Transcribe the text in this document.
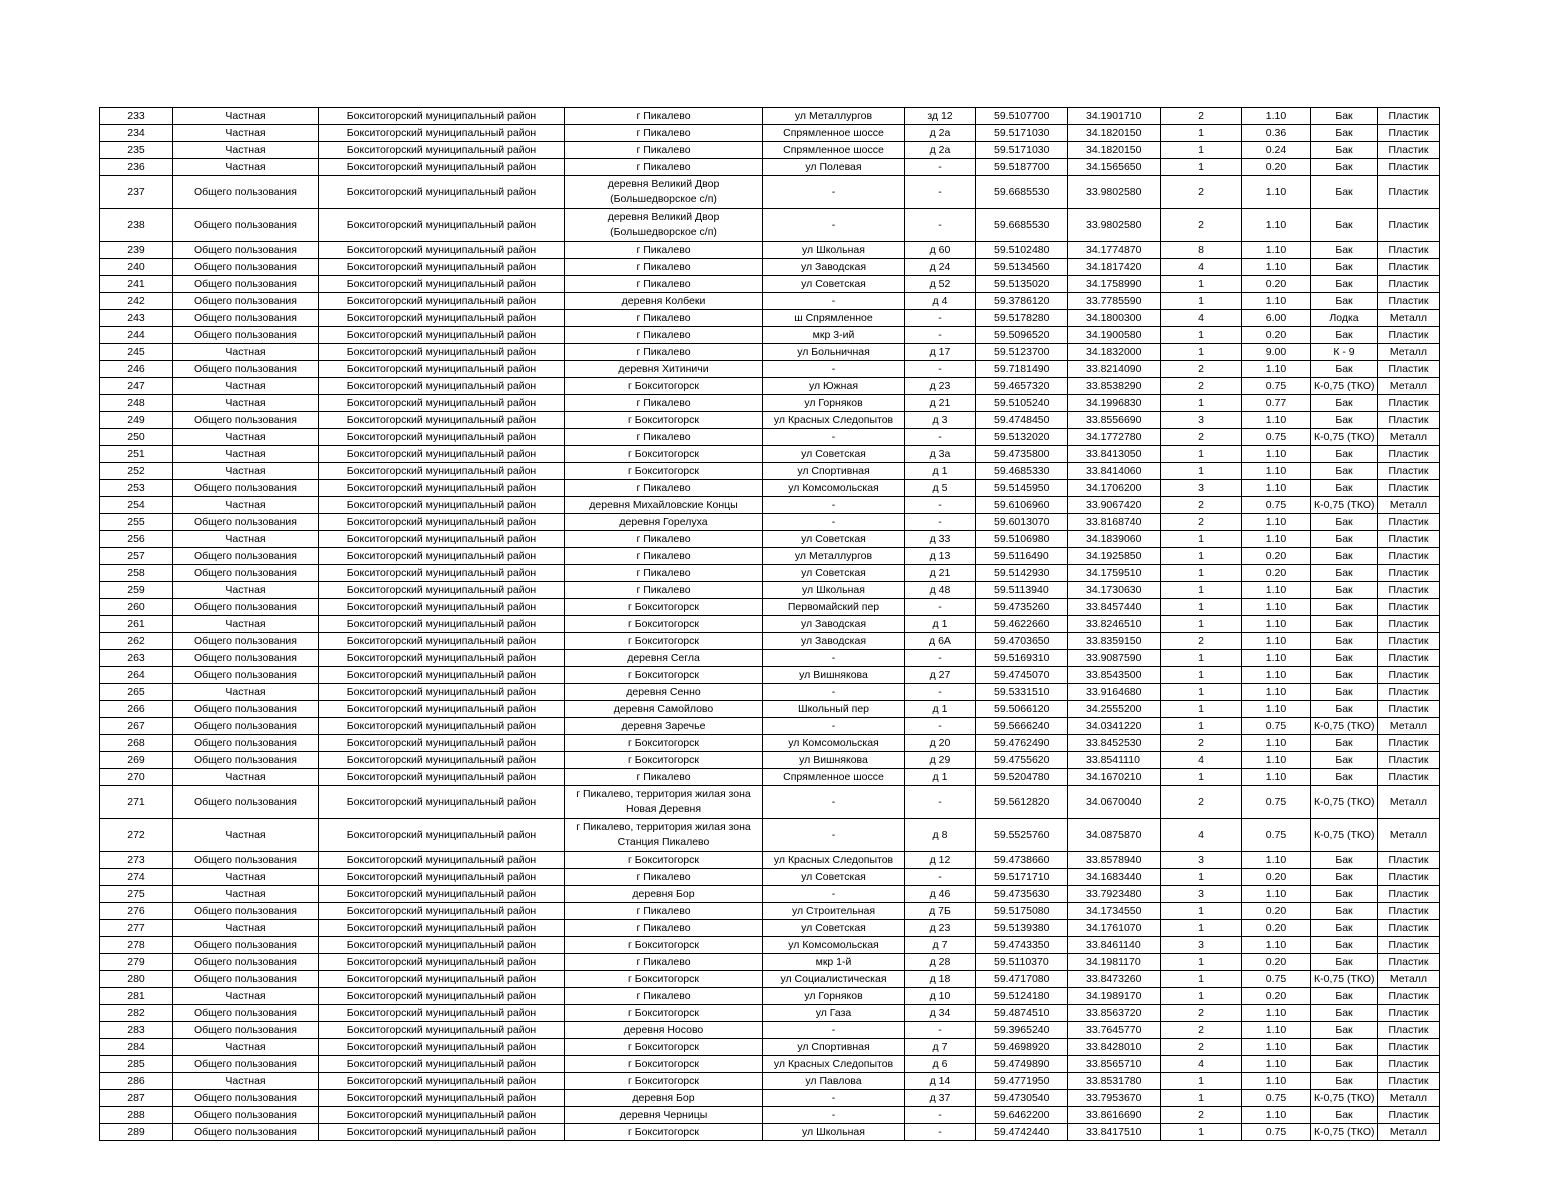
233	Частная	Бокситогорский муниципальный район	г Пикалево	ул Металлургов	зд 12	59.5107700	34.1901710	2	1.10	Бак	Пластик
234	Частная	Бокситогорский муниципальный район	г Пикалево	Спрямленное шоссе	д 2а	59.5171030	34.1820150	1	0.36	Бак	Пластик
235	Частная	Бокситогорский муниципальный район	г Пикалево	Спрямленное шоссе	д 2а	59.5171030	34.1820150	1	0.24	Бак	Пластик
236	Частная	Бокситогорский муниципальный район	г Пикалево	ул Полевая	-	59.5187700	34.1565650	1	0.20	Бак	Пластик
237	Общего пользования	Бокситогорский муниципальный район	деревня Великий Двор (Большедворское с/п)	-	-	59.6685530	33.9802580	2	1.10	Бак	Пластик
238	Общего пользования	Бокситогорский муниципальный район	деревня Великий Двор (Большедворское с/п)	-	-	59.6685530	33.9802580	2	1.10	Бак	Пластик
239	Общего пользования	Бокситогорский муниципальный район	г Пикалево	ул Школьная	д 60	59.5102480	34.1774870	8	1.10	Бак	Пластик
240	Общего пользования	Бокситогорский муниципальный район	г Пикалево	ул Заводская	д 24	59.5134560	34.1817420	4	1.10	Бак	Пластик
241	Общего пользования	Бокситогорский муниципальный район	г Пикалево	ул Советская	д 52	59.5135020	34.1758990	1	0.20	Бак	Пластик
242	Общего пользования	Бокситогорский муниципальный район	деревня Колбеки	-	д 4	59.3786120	33.7785590	1	1.10	Бак	Пластик
243	Общего пользования	Бокситогорский муниципальный район	г Пикалево	ш Спрямленное	-	59.5178280	34.1800300	4	6.00	Лодка	Металл
244	Общего пользования	Бокситогорский муниципальный район	г Пикалево	мкр 3-ий	-	59.5096520	34.1900580	1	0.20	Бак	Пластик
245	Частная	Бокситогорский муниципальный район	г Пикалево	ул Больничная	д 17	59.5123700	34.1832000	1	9.00	К - 9	Металл
246	Общего пользования	Бокситогорский муниципальный район	деревня Хитиничи	-	-	59.7181490	33.8214090	2	1.10	Бак	Пластик
247	Частная	Бокситогорский муниципальный район	г Бокситогорск	ул Южная	д 23	59.4657320	33.8538290	2	0.75	К-0,75 (ТКО)	Металл
248	Частная	Бокситогорский муниципальный район	г Пикалево	ул Горняков	д 21	59.5105240	34.1996830	1	0.77	Бак	Пластик
249	Общего пользования	Бокситогорский муниципальный район	г Бокситогорск	ул Красных Следопытов	д 3	59.4748450	33.8556690	3	1.10	Бак	Пластик
250	Частная	Бокситогорский муниципальный район	г Пикалево	-	-	59.5132020	34.1772780	2	0.75	К-0,75 (ТКО)	Металл
251	Частная	Бокситогорский муниципальный район	г Бокситогорск	ул Советская	д 3а	59.4735800	33.8413050	1	1.10	Бак	Пластик
252	Частная	Бокситогорский муниципальный район	г Бокситогорск	ул Спортивная	д 1	59.4685330	33.8414060	1	1.10	Бак	Пластик
253	Общего пользования	Бокситогорский муниципальный район	г Пикалево	ул Комсомольская	д 5	59.5145950	34.1706200	3	1.10	Бак	Пластик
254	Частная	Бокситогорский муниципальный район	деревня Михайловские Концы	-	-	59.6106960	33.9067420	2	0.75	К-0,75 (ТКО)	Металл
255	Общего пользования	Бокситогорский муниципальный район	деревня Горелуха	-	-	59.6013070	33.8168740	2	1.10	Бак	Пластик
256	Частная	Бокситогорский муниципальный район	г Пикалево	ул Советская	д 33	59.5106980	34.1839060	1	1.10	Бак	Пластик
257	Общего пользования	Бокситогорский муниципальный район	г Пикалево	ул Металлургов	д 13	59.5116490	34.1925850	1	0.20	Бак	Пластик
258	Общего пользования	Бокситогорский муниципальный район	г Пикалево	ул Советская	д 21	59.5142930	34.1759510	1	0.20	Бак	Пластик
259	Частная	Бокситогорский муниципальный район	г Пикалево	ул Школьная	д 48	59.5113940	34.1730630	1	1.10	Бак	Пластик
260	Общего пользования	Бокситогорский муниципальный район	г Бокситогорск	Первомайский пер	-	59.4735260	33.8457440	1	1.10	Бак	Пластик
261	Частная	Бокситогорский муниципальный район	г Бокситогорск	ул Заводская	д 1	59.4622660	33.8246510	1	1.10	Бак	Пластик
262	Общего пользования	Бокситогорский муниципальный район	г Бокситогорск	ул Заводская	д 6А	59.4703650	33.8359150	2	1.10	Бак	Пластик
263	Общего пользования	Бокситогорский муниципальный район	деревня Сегла	-	-	59.5169310	33.9087590	1	1.10	Бак	Пластик
264	Общего пользования	Бокситогорский муниципальный район	г Бокситогорск	ул Вишнякова	д 27	59.4745070	33.8543500	1	1.10	Бак	Пластик
265	Частная	Бокситогорский муниципальный район	деревня Сенно	-	-	59.5331510	33.9164680	1	1.10	Бак	Пластик
266	Общего пользования	Бокситогорский муниципальный район	деревня Самойлово	Школьный пер	д 1	59.5066120	34.2555200	1	1.10	Бак	Пластик
267	Общего пользования	Бокситогорский муниципальный район	деревня Заречье	-	-	59.5666240	34.0341220	1	0.75	К-0,75 (ТКО)	Металл
268	Общего пользования	Бокситогорский муниципальный район	г Бокситогорск	ул Комсомольская	д 20	59.4762490	33.8452530	2	1.10	Бак	Пластик
269	Общего пользования	Бокситогорский муниципальный район	г Бокситогорск	ул Вишнякова	д 29	59.4755620	33.8541110	4	1.10	Бак	Пластик
270	Частная	Бокситогорский муниципальный район	г Пикалево	Спрямленное шоссе	д 1	59.5204780	34.1670210	1	1.10	Бак	Пластик
271	Общего пользования	Бокситогорский муниципальный район	г Пикалево, территория жилая зона Новая Деревня	-	-	59.5612820	34.0670040	2	0.75	К-0,75 (ТКО)	Металл
272	Частная	Бокситогорский муниципальный район	г Пикалево, территория жилая зона Станция Пикалево	-	д 8	59.5525760	34.0875870	4	0.75	К-0,75 (ТКО)	Металл
273	Общего пользования	Бокситогорский муниципальный район	г Бокситогорск	ул Красных Следопытов	д 12	59.4738660	33.8578940	3	1.10	Бак	Пластик
274	Частная	Бокситогорский муниципальный район	г Пикалево	ул Советская	-	59.5171710	34.1683440	1	0.20	Бак	Пластик
275	Частная	Бокситогорский муниципальный район	деревня Бор	-	д 46	59.4735630	33.7923480	3	1.10	Бак	Пластик
276	Общего пользования	Бокситогорский муниципальный район	г Пикалево	ул Строительная	д 7Б	59.5175080	34.1734550	1	0.20	Бак	Пластик
277	Частная	Бокситогорский муниципальный район	г Пикалево	ул Советская	д 23	59.5139380	34.1761070	1	0.20	Бак	Пластик
278	Общего пользования	Бокситогорский муниципальный район	г Бокситогорск	ул Комсомольская	д 7	59.4743350	33.8461140	3	1.10	Бак	Пластик
279	Общего пользования	Бокситогорский муниципальный район	г Пикалево	мкр 1-й	д 28	59.5110370	34.1981170	1	0.20	Бак	Пластик
280	Общего пользования	Бокситогорский муниципальный район	г Бокситогорск	ул Социалистическая	д 18	59.4717080	33.8473260	1	0.75	К-0,75 (ТКО)	Металл
281	Частная	Бокситогорский муниципальный район	г Пикалево	ул Горняков	д 10	59.5124180	34.1989170	1	0.20	Бак	Пластик
282	Общего пользования	Бокситогорский муниципальный район	г Бокситогорск	ул Газа	д 34	59.4874510	33.8563720	2	1.10	Бак	Пластик
283	Общего пользования	Бокситогорский муниципальный район	деревня Носово	-	-	59.3965240	33.7645770	2	1.10	Бак	Пластик
284	Частная	Бокситогорский муниципальный район	г Бокситогорск	ул Спортивная	д 7	59.4698920	33.8428010	2	1.10	Бак	Пластик
285	Общего пользования	Бокситогорский муниципальный район	г Бокситогорск	ул Красных Следопытов	д 6	59.4749890	33.8565710	4	1.10	Бак	Пластик
286	Частная	Бокситогорский муниципальный район	г Бокситогорск	ул Павлова	д 14	59.4771950	33.8531780	1	1.10	Бак	Пластик
287	Общего пользования	Бокситогорский муниципальный район	деревня Бор	-	д 37	59.4730540	33.7953670	1	0.75	К-0,75 (ТКО)	Металл
288	Общего пользования	Бокситогорский муниципальный район	деревня Черницы	-	-	59.6462200	33.8616690	2	1.10	Бак	Пластик
289	Общего пользования	Бокситогорский муниципальный район	г Бокситогорск	ул Школьная	-	59.4742440	33.8417510	1	0.75	К-0,75 (ТКО)	Металл
